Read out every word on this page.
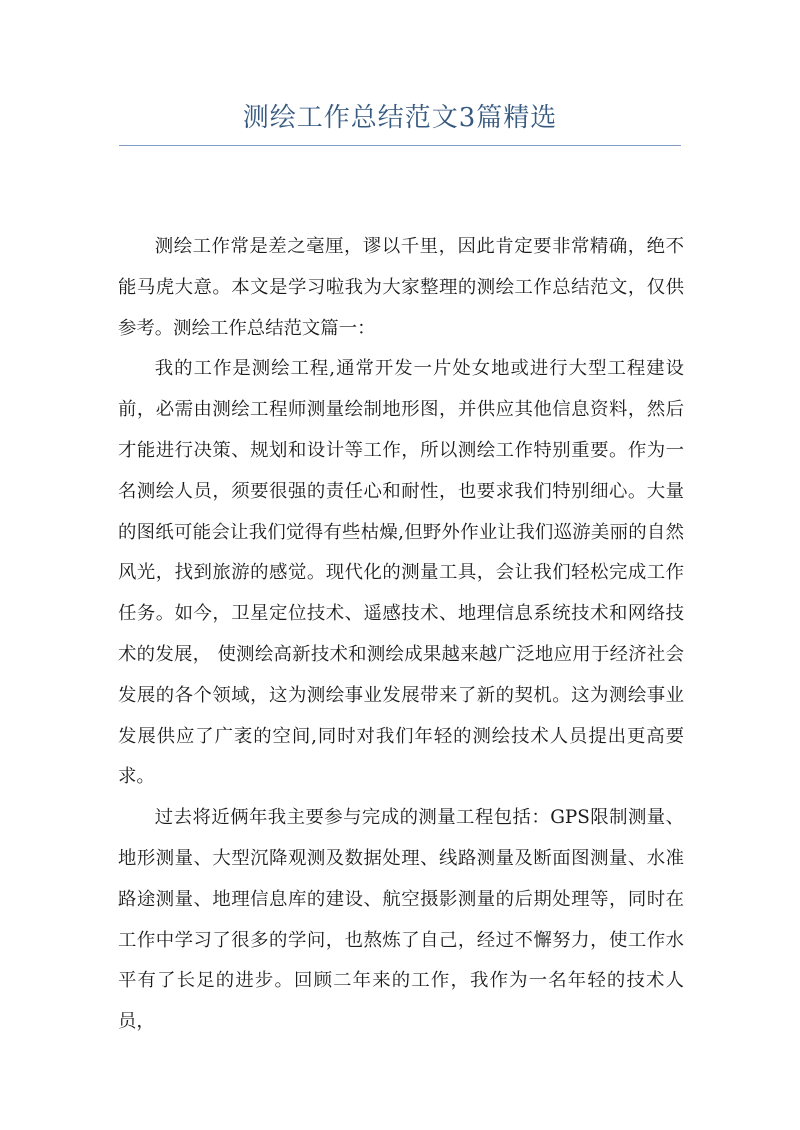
测绘工作总结范文3篇精选

测绘工作常是差之毫厘，谬以千里，因此肯定要非常精确，绝不能马虎大意。本文是学习啦我为大家整理的测绘工作总结范文，仅供参考。测绘工作总结范文篇一：

我的工作是测绘工程,通常开发一片处女地或进行大型工程建设前，必需由测绘工程师测量绘制地形图，并供应其他信息资料，然后才能进行决策、规划和设计等工作，所以测绘工作特别重要。作为一名测绘人员，须要很强的责任心和耐性，也要求我们特别细心。大量的图纸可能会让我们觉得有些枯燥,但野外作业让我们巡游美丽的自然风光，找到旅游的感觉。现代化的测量工具，会让我们轻松完成工作任务。如今，卫星定位技术、遥感技术、地理信息系统技术和网络技术的发展， 使测绘高新技术和测绘成果越来越广泛地应用于经济社会发展的各个领域，这为测绘事业发展带来了新的契机。这为测绘事业发展供应了广袤的空间,同时对我们年轻的测绘技术人员提出更高要求。

过去将近俩年我主要参与完成的测量工程包括：GPS限制测量、地形测量、大型沉降观测及数据处理、线路测量及断面图测量、水准路途测量、地理信息库的建设、航空摄影测量的后期处理等，同时在工作中学习了很多的学问，也熬炼了自己，经过不懈努力，使工作水平有了长足的进步。回顾二年来的工作，我作为一名年轻的技术人员，
